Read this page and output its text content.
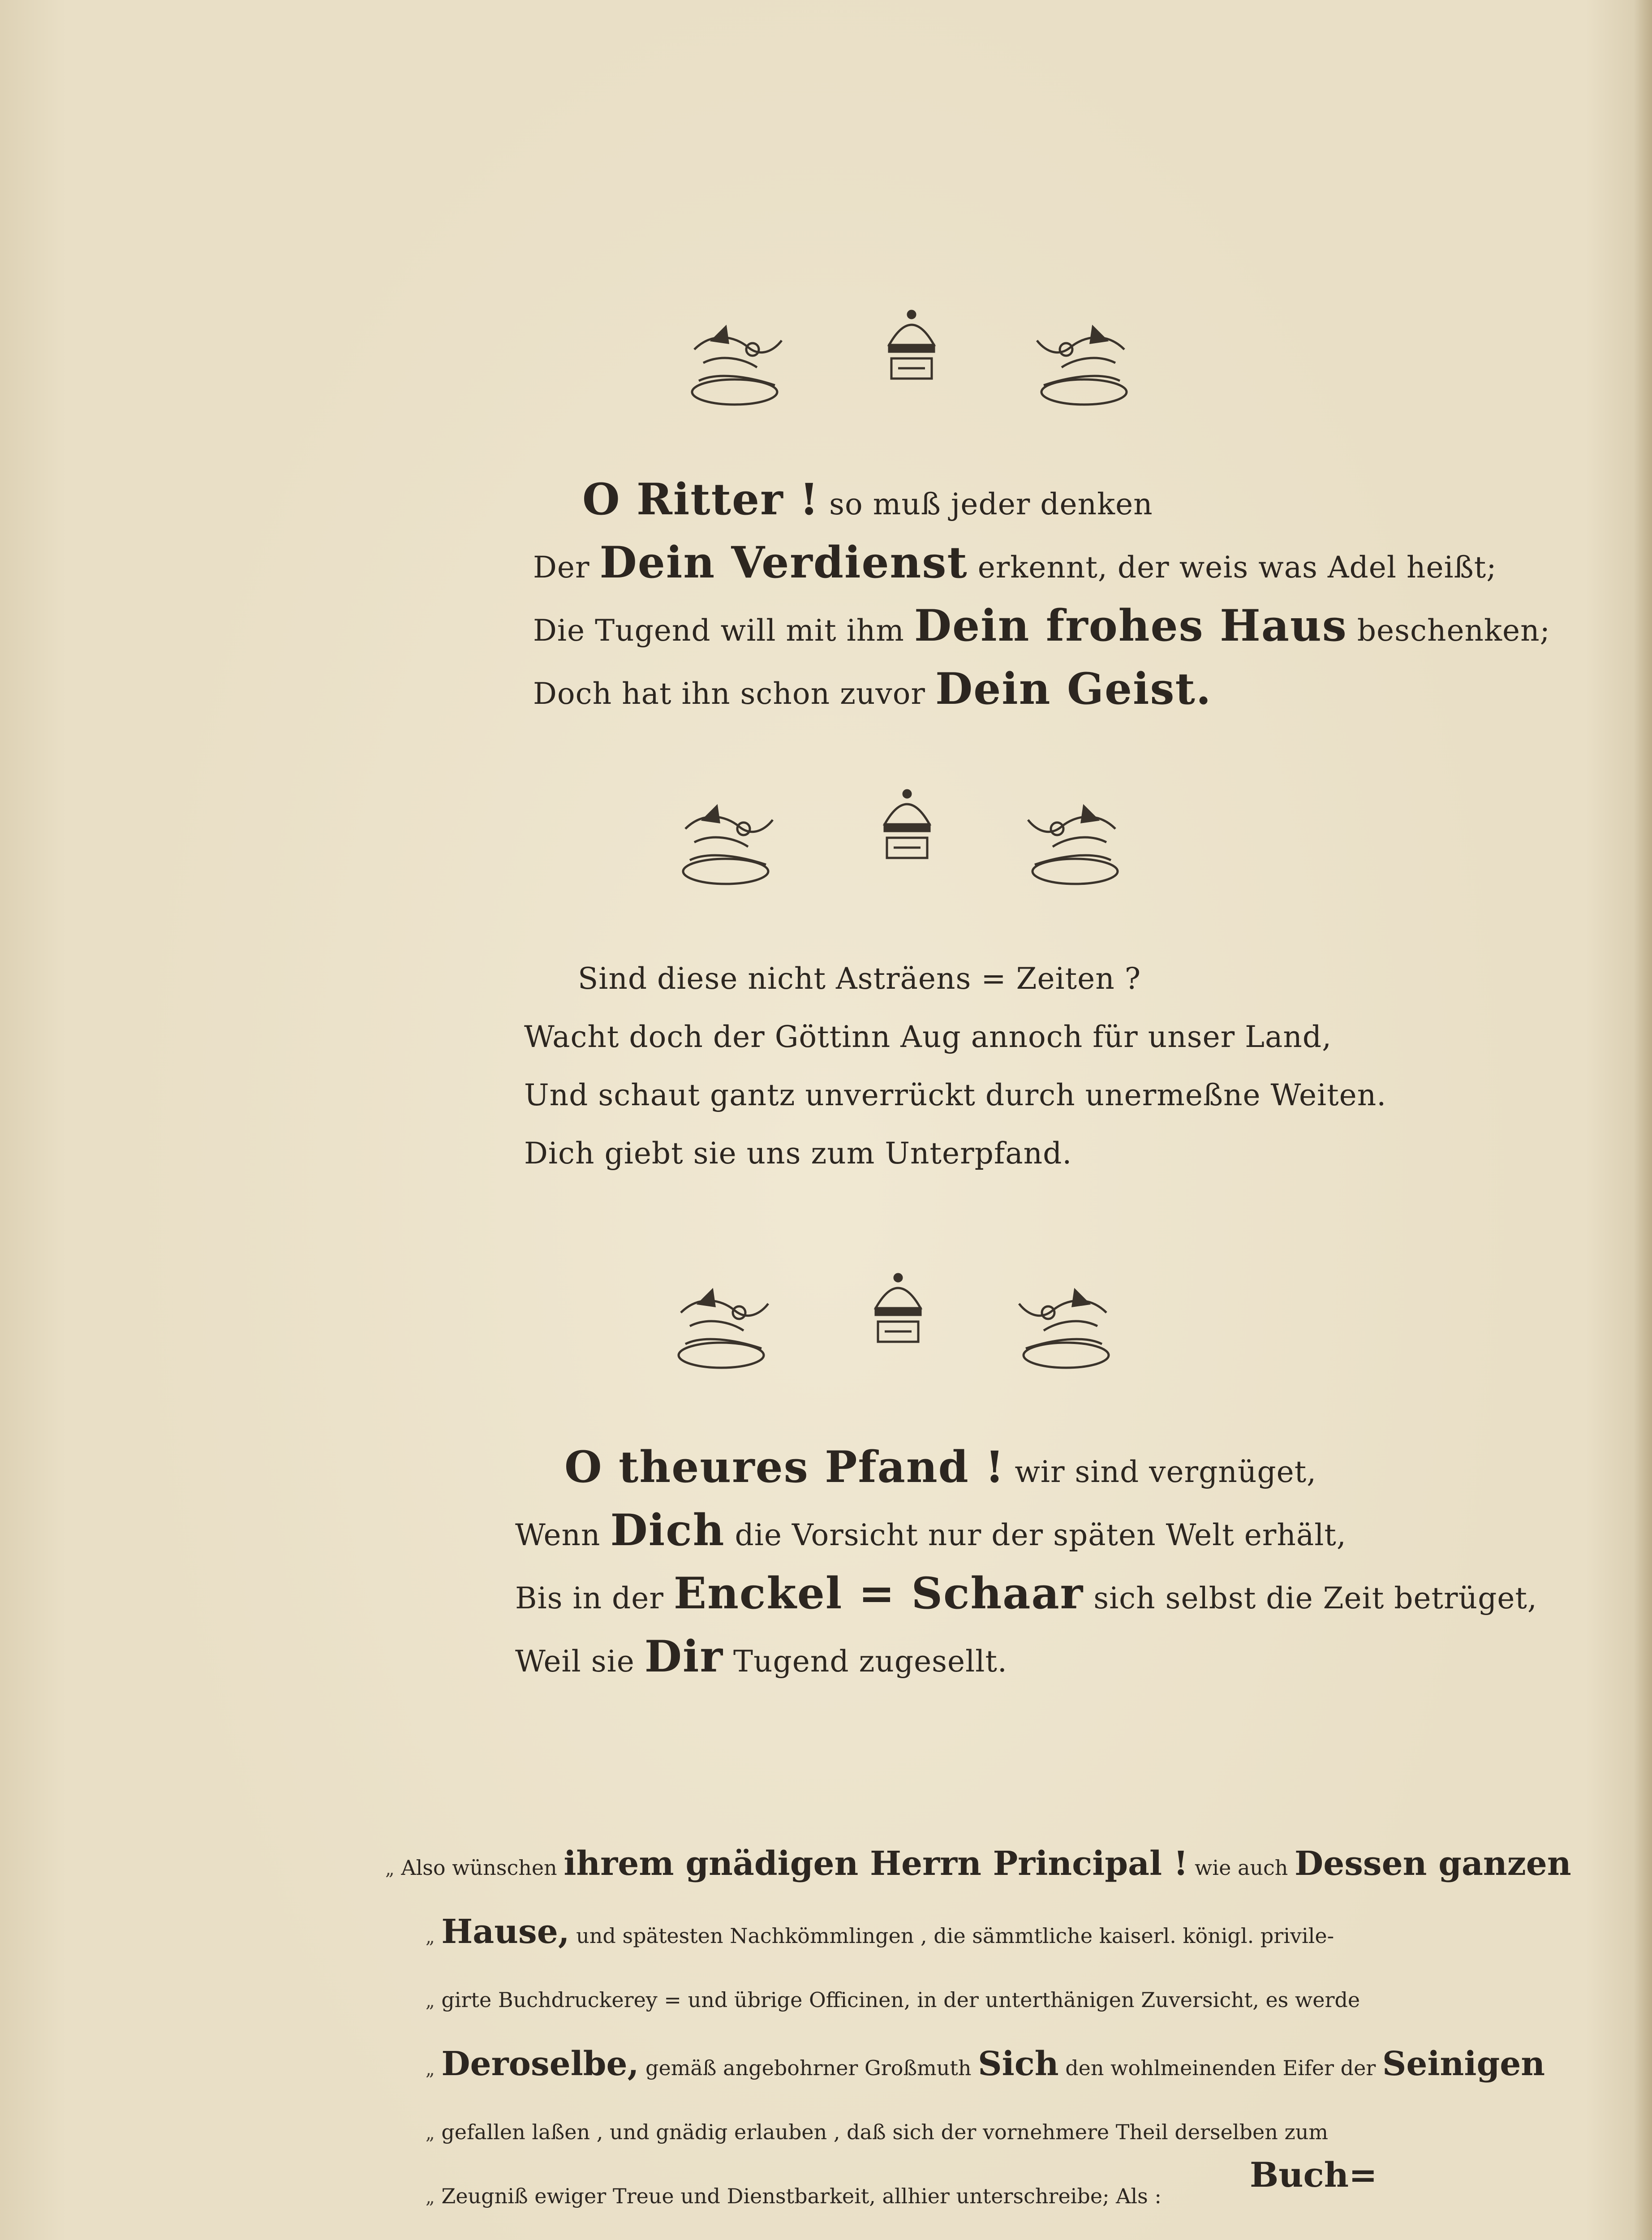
O Ritter ! so muß jeder denken
Der Dein Verdienst erkennt, der weis was Adel heißt;
Die Tugend will mit ihm Dein frohes Haus beschenken;
Doch hat ihn schon zuvor Dein Geist.
Sind diese nicht Asträens = Zeiten ?
Wacht doch der Göttinn Aug annoch für unser Land,
Und schaut gantz unverrückt durch unermeßne Weiten.
Dich giebt sie uns zum Unterpfand.
O theures Pfand ! wir sind vergnüget,
Wenn Dich die Vorsicht nur der späten Welt erhält,
Bis in der Enckel = Schaar sich selbst die Zeit betrüget,
Weil sie Dir Tugend zugesellt.
„ Also wünschen ihrem gnädigen Herrn Principal ! wie auch Dessen ganzen
„ Hause, und spätesten Nachkömmlingen , die sämmtliche kaiserl. königl. privile-
„ girte Buchdruckerey = und übrige Officinen, in der unterthänigen Zuversicht, es werde
„ Deroselbe, gemäß angebohrner Großmuth Sich den wohlmeinenden Eifer der Seinigen
„ gefallen laßen , und gnädig erlauben , daß sich der vornehmere Theil derselben zum
„ Zeugniß ewiger Treue und Dienstbarkeit, allhier unterschreibe; Als :
Buch=
